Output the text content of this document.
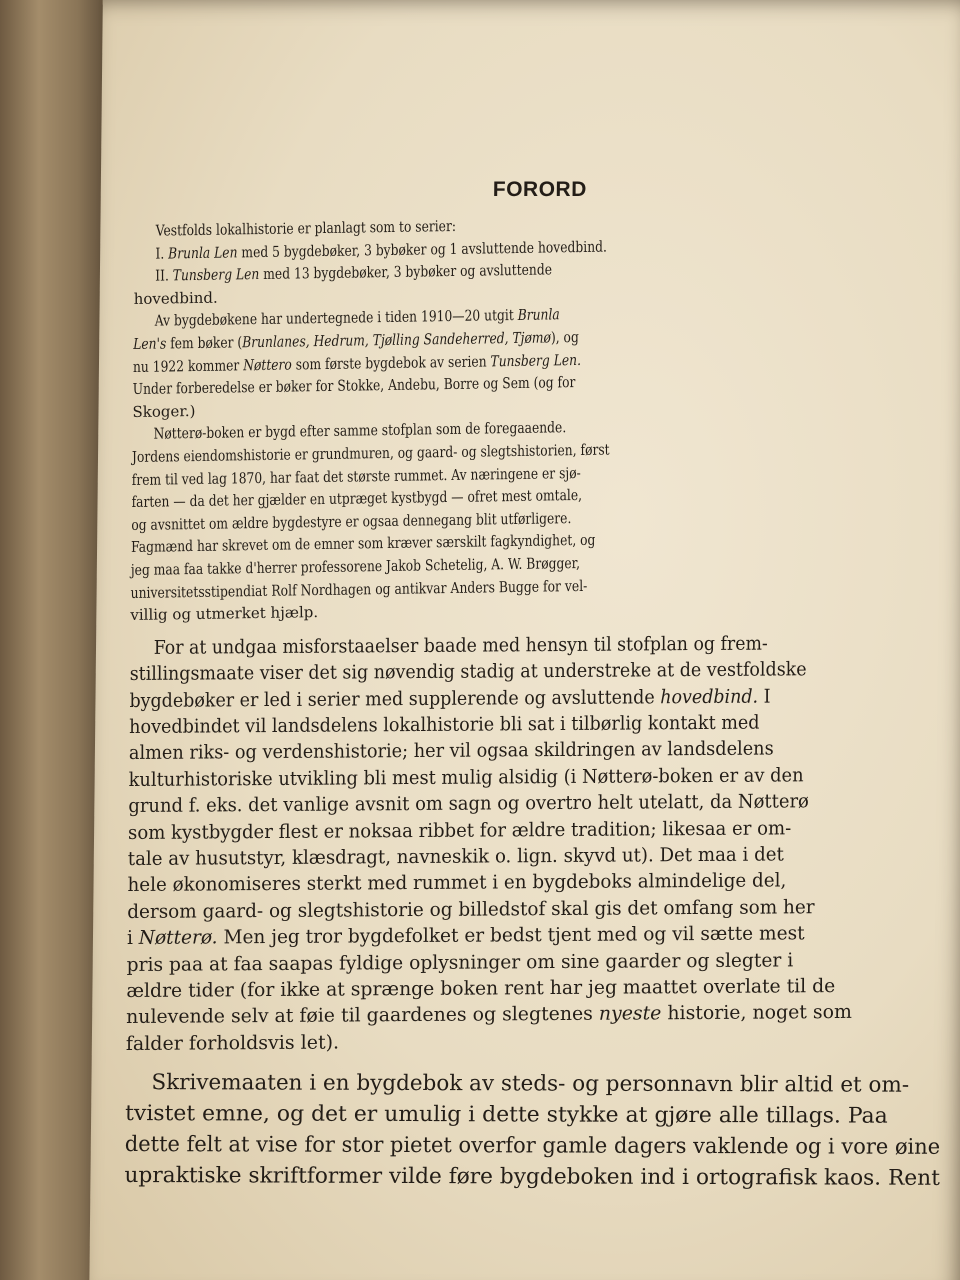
FORORD
Vestfolds lokalhistorie er planlagt som to serier:
I. Brunla Len med 5 bygdebøker, 3 bybøker og 1 avsluttende hovedbind.
II. Tunsberg Len med 13 bygdebøker, 3 bybøker og avsluttende
hovedbind.
Av bygdebøkene har undertegnede i tiden 1910—20 utgit Brunla
Len's fem bøker (Brunlanes, Hedrum, Tjølling Sandeherred, Tjømø), og
nu 1922 kommer Nøttero som første bygdebok av serien Tunsberg Len.
Under forberedelse er bøker for Stokke, Andebu, Borre og Sem (og for
Skoger.)
Nøtterø-boken er bygd efter samme stofplan som de foregaaende.
Jordens eiendomshistorie er grundmuren, og gaard- og slegtshistorien, først
frem til ved lag 1870, har faat det største rummet. Av næringene er sjø-
farten — da det her gjælder en utpræget kystbygd — ofret mest omtale,
og avsnittet om ældre bygdestyre er ogsaa dennegang blit utførligere.
Fagmænd har skrevet om de emner som kræver særskilt fagkyndighet, og
jeg maa faa takke d'herrer professorene Jakob Schetelig, A. W. Brøgger,
universitetsstipendiat Rolf Nordhagen og antikvar Anders Bugge for vel-
villig og utmerket hjælp.
For at undgaa misforstaaelser baade med hensyn til stofplan og frem-
stillingsmaate viser det sig nøvendig stadig at understreke at de vestfoldske
bygdebøker er led i serier med supplerende og avsluttende hovedbind. I
hovedbindet vil landsdelens lokalhistorie bli sat i tilbørlig kontakt med
almen riks- og verdenshistorie; her vil ogsaa skildringen av landsdelens
kulturhistoriske utvikling bli mest mulig alsidig (i Nøtterø-boken er av den
grund f. eks. det vanlige avsnit om sagn og overtro helt utelatt, da Nøtterø
som kystbygder flest er noksaa ribbet for ældre tradition; likesaa er om-
tale av husutstyr, klæsdragt, navneskik o. lign. skyvd ut). Det maa i det
hele økonomiseres sterkt med rummet i en bygdeboks almindelige del,
dersom gaard- og slegtshistorie og billedstof skal gis det omfang som her
i Nøtterø. Men jeg tror bygdefolket er bedst tjent med og vil sætte mest
pris paa at faa saapas fyldige oplysninger om sine gaarder og slegter i
ældre tider (for ikke at sprænge boken rent har jeg maattet overlate til de
nulevende selv at føie til gaardenes og slegtenes nyeste historie, noget som
falder forholdsvis let).
Skrivemaaten i en bygdebok av steds- og personnavn blir altid et om-
tvistet emne, og det er umulig i dette stykke at gjøre alle tillags. Paa
dette felt at vise for stor pietet overfor gamle dagers vaklende og i vore øine
upraktiske skriftformer vilde føre bygdeboken ind i ortografisk kaos. Rent
